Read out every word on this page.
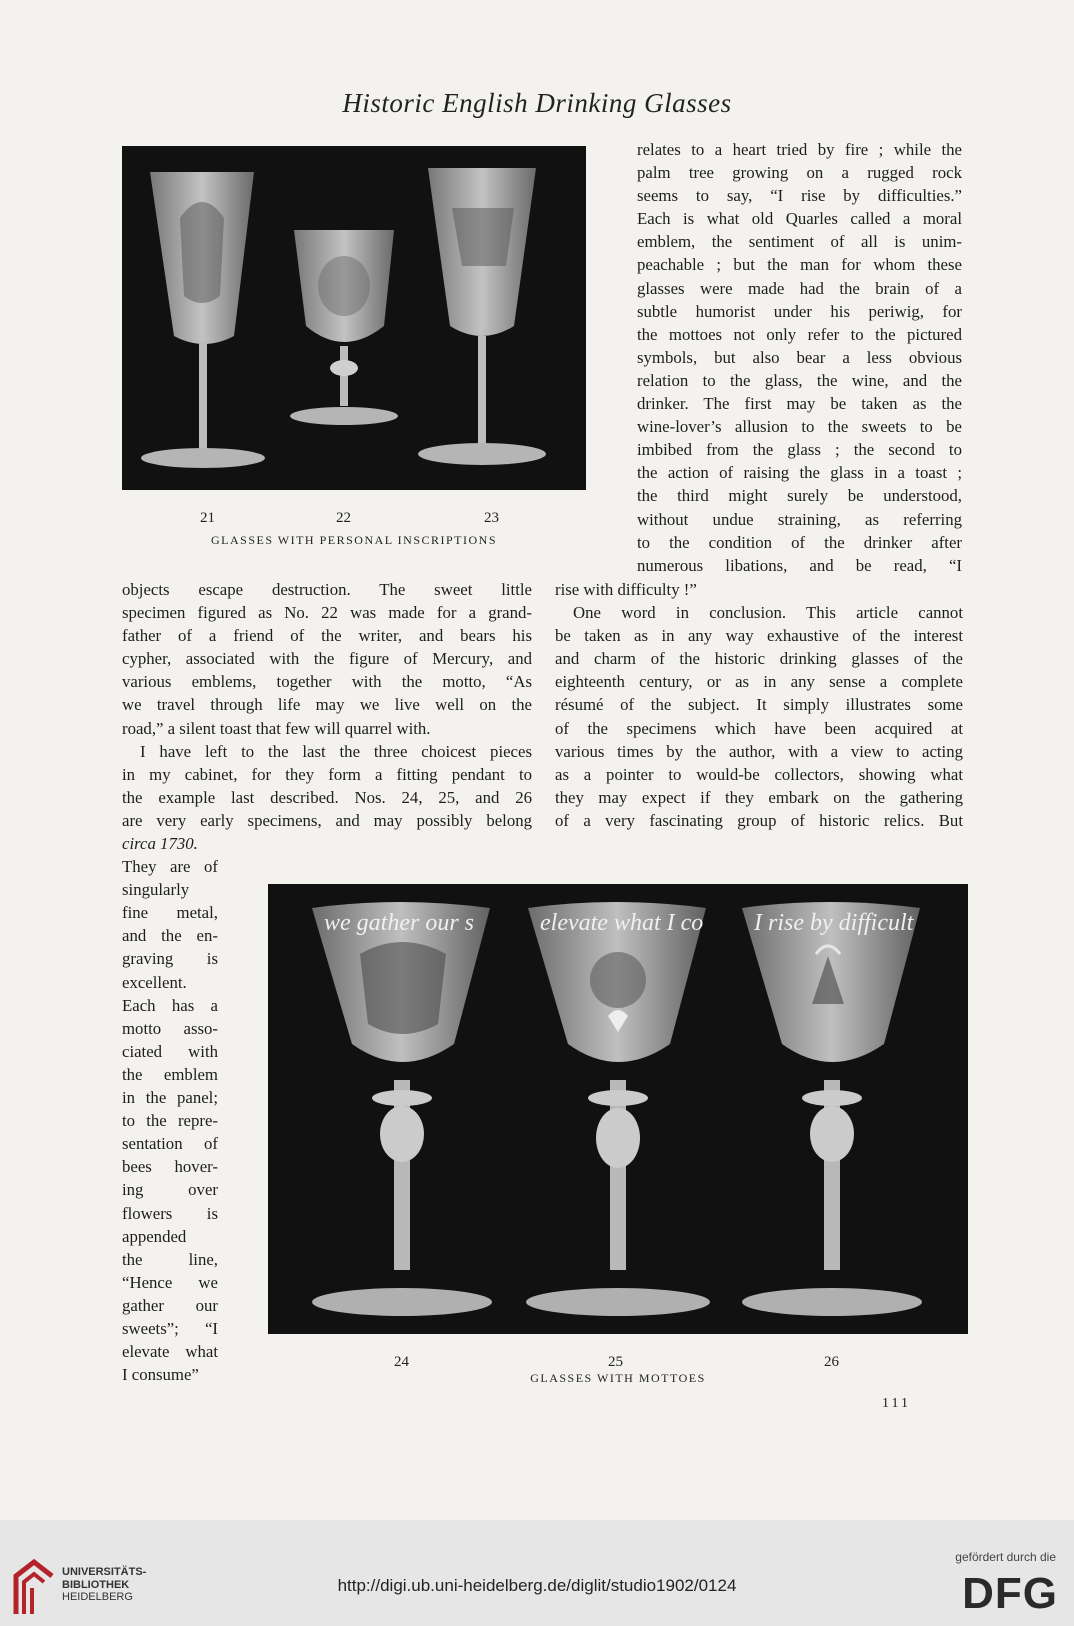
Historic English Drinking Glasses
21	22	23
GLASSES WITH PERSONAL INSCRIPTIONS
relates to a heart tried by fire ; while the
palm tree growing on a rugged rock
seems to say, “I rise by difficulties.”
Each is what old Quarles called a moral
emblem, the sentiment of all is unim-
peachable ; but the man for whom these
glasses were made had the brain of a
subtle humorist under his periwig, for
the mottoes not only refer to the pictured
symbols, but also bear a less obvious
relation to the glass, the wine, and the
drinker. The first may be taken as the
wine-lover’s allusion to the sweets to be
imbibed from the glass ; the second to
the action of raising the glass in a toast ;
the third might surely be understood,
without undue straining, as referring
to the condition of the drinker after
numerous libations, and be read, “I
objects escape destruction. The sweet little
specimen figured as No. 22 was made for a grand-
father of a friend of the writer, and bears his
cypher, associated with the figure of Mercury, and
various emblems, together with the motto, “As
we travel through life may we live well on the
road,” a silent toast that few will quarrel with.
I have left to the last the three choicest pieces
in my cabinet, for they form a fitting pendant to
the example last described. Nos. 24, 25, and 26
are very early specimens, and may possibly belong
rise with difficulty !”
One word in conclusion. This article cannot
be taken as in any way exhaustive of the interest
and charm of the historic drinking glasses of the
eighteenth century, or as in any sense a complete
résumé of the subject. It simply illustrates some
of the specimens which have been acquired at
various times by the author, with a view to acting
as a pointer to would-be collectors, showing what
they may expect if they embark on the gathering
of a very fascinating group of historic relics. But
circa 1730.
They are of
singularly
fine metal,
and the en-
graving is
excellent.
Each has a
motto asso-
ciated with
the emblem
in the panel;
to the repre-
sentation of
bees hover-
ing over
flowers is
appended
the line,
“Hence we
gather our
sweets”; “I
elevate what
I consume”
we gather our s	elevate what I co I rise by difficult
24	25	26
GLASSES WITH MOTTOES
111
UNIVERSITÄTS-
BIBLIOTHEK
HEIDELBERG
http://digi.ub.uni-heidelberg.de/diglit/studio1902/0124
gefördert durch die
DFG
